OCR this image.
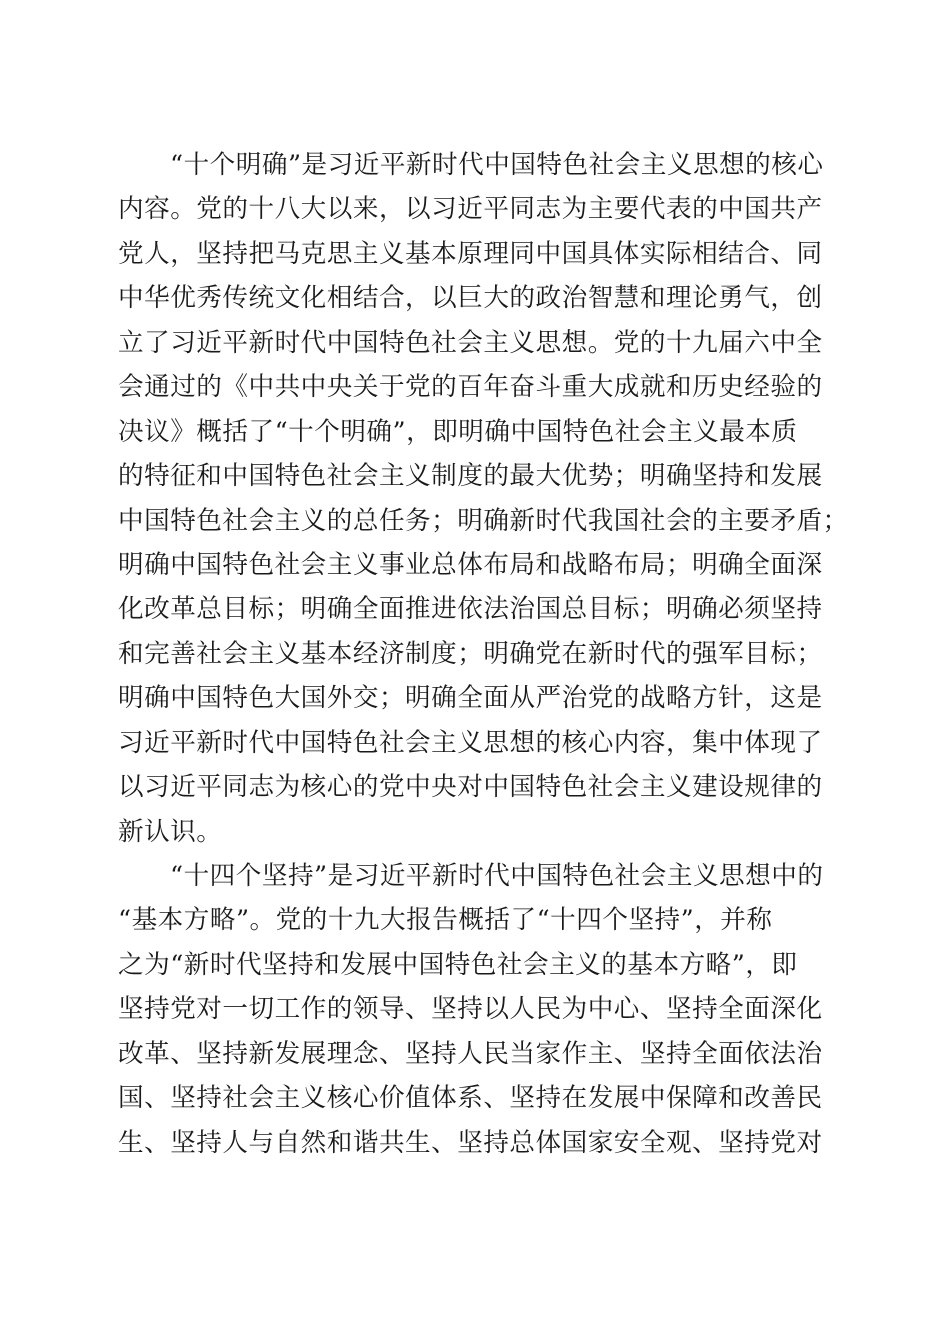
“十个明确”是习近平新时代中国特色社会主义思想的核心
内容。党的十八大以来，以习近平同志为主要代表的中国共产
党人，坚持把马克思主义基本原理同中国具体实际相结合、同
中华优秀传统文化相结合，以巨大的政治智慧和理论勇气，创
立了习近平新时代中国特色社会主义思想。党的十九届六中全
会通过的《中共中央关于党的百年奋斗重大成就和历史经验的
决议》概括了“十个明确”，即明确中国特色社会主义最本质
的特征和中国特色社会主义制度的最大优势；明确坚持和发展
中国特色社会主义的总任务；明确新时代我国社会的主要矛盾；
明确中国特色社会主义事业总体布局和战略布局；明确全面深
化改革总目标；明确全面推进依法治国总目标；明确必须坚持
和完善社会主义基本经济制度；明确党在新时代的强军目标；
明确中国特色大国外交；明确全面从严治党的战略方针，这是
习近平新时代中国特色社会主义思想的核心内容，集中体现了
以习近平同志为核心的党中央对中国特色社会主义建设规律的
新认识。
“十四个坚持”是习近平新时代中国特色社会主义思想中的
“基本方略”。党的十九大报告概括了“十四个坚持”，并称
之为“新时代坚持和发展中国特色社会主义的基本方略”，即
坚持党对一切工作的领导、坚持以人民为中心、坚持全面深化
改革、坚持新发展理念、坚持人民当家作主、坚持全面依法治
国、坚持社会主义核心价值体系、坚持在发展中保障和改善民
生、坚持人与自然和谐共生、坚持总体国家安全观、坚持党对
